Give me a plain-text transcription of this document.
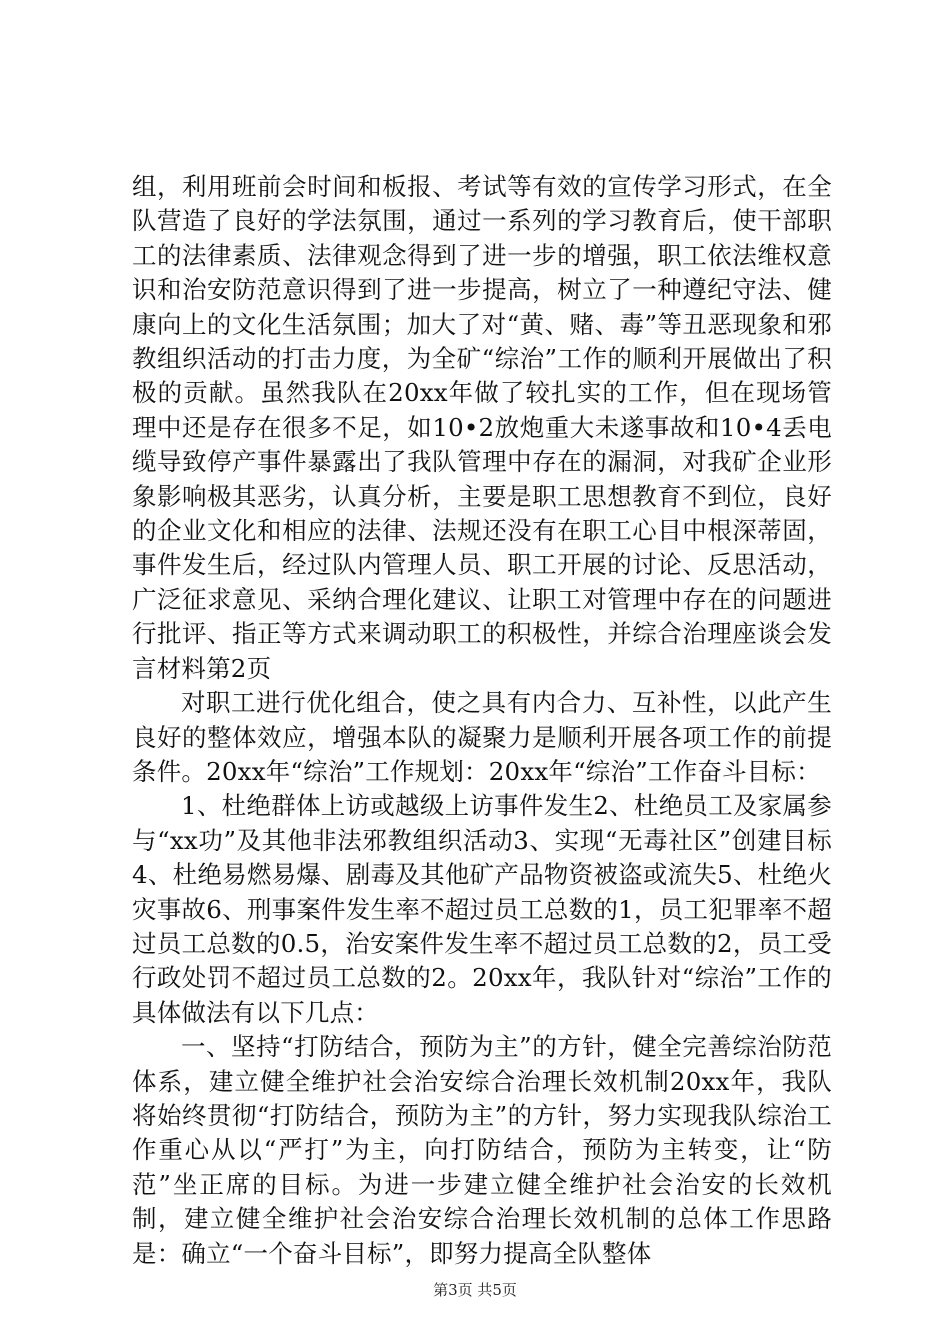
组，利用班前会时间和板报、考试等有效的宣传学习形式，在全队营造了良好的学法氛围，通过一系列的学习教育后，使干部职工的法律素质、法律观念得到了进一步的增强，职工依法维权意识和治安防范意识得到了进一步提高，树立了一种遵纪守法、健康向上的文化生活氛围；加大了对“黄、赌、毒”等丑恶现象和邪教组织活动的打击力度，为全矿“综治”工作的顺利开展做出了积极的贡献。虽然我队在20xx年做了较扎实的工作，但在现场管理中还是存在很多不足，如10•2放炮重大未遂事故和10•4丢电缆导致停产事件暴露出了我队管理中存在的漏洞，对我矿企业形象影响极其恶劣，认真分析，主要是职工思想教育不到位，良好的企业文化和相应的法律、法规还没有在职工心目中根深蒂固，事件发生后，经过队内管理人员、职工开展的讨论、反思活动，广泛征求意见、采纳合理化建议、让职工对管理中存在的问题进行批评、指正等方式来调动职工的积极性，并综合治理座谈会发言材料第2页

对职工进行优化组合，使之具有内合力、互补性，以此产生良好的整体效应，增强本队的凝聚力是顺利开展各项工作的前提条件。20xx年“综治”工作规划：20xx年“综治”工作奋斗目标：

1、杜绝群体上访或越级上访事件发生2、杜绝员工及家属参与“xx功”及其他非法邪教组织活动3、实现“无毒社区”创建目标4、杜绝易燃易爆、剧毒及其他矿产品物资被盗或流失5、杜绝火灾事故6、刑事案件发生率不超过员工总数的1，员工犯罪率不超过员工总数的0.5，治安案件发生率不超过员工总数的2，员工受行政处罚不超过员工总数的2。20xx年，我队针对“综治”工作的具体做法有以下几点：

一、坚持“打防结合，预防为主”的方针，健全完善综治防范体系，建立健全维护社会治安综合治理长效机制20xx年，我队将始终贯彻“打防结合，预防为主”的方针，努力实现我队综治工作重心从以“严打”为主，向打防结合，预防为主转变，让“防范”坐正席的目标。为进一步建立健全维护社会治安的长效机制，建立健全维护社会治安综合治理长效机制的总体工作思路是：确立“一个奋斗目标”，即努力提高全队整体

第3页 共5页
